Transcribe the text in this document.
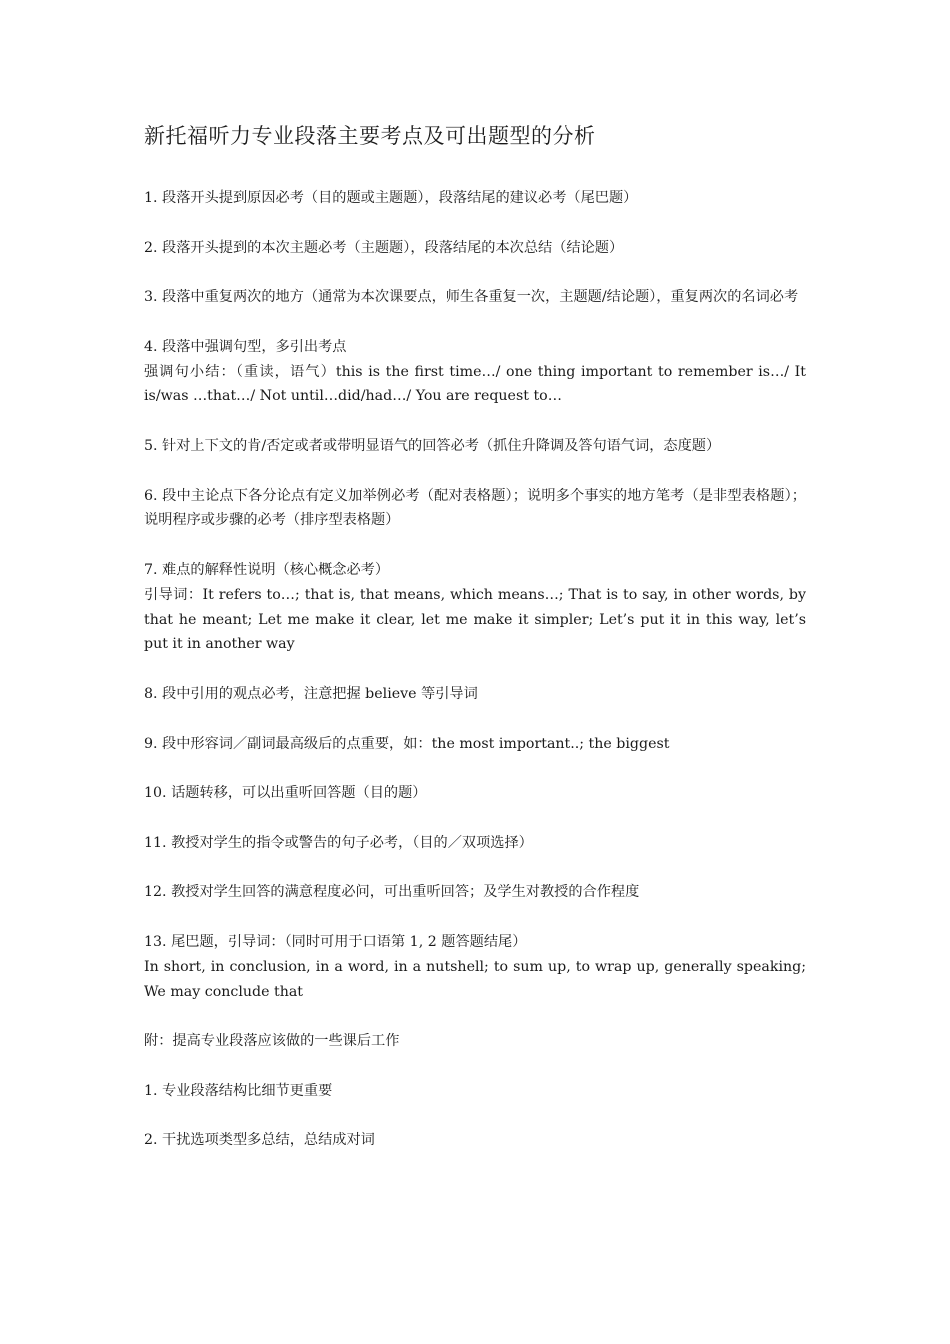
新托福听力专业段落主要考点及可出题型的分析

1. 段落开头提到原因必考（目的题或主题题），段落结尾的建议必考（尾巴题）

2. 段落开头提到的本次主题必考（主题题），段落结尾的本次总结（结论题）

3. 段落中重复两次的地方（通常为本次课要点，师生各重复一次，主题题/结论题），重复两次的名词必考

4. 段落中强调句型，多引出考点

强调句小结：（重读，语气）this is the first time…/ one thing important to remember is…/ It is/was …that…/ Not until…did/had…/ You are request to…

5. 针对上下文的肯/否定或者或带明显语气的回答必考（抓住升降调及答句语气词，态度题）

6. 段中主论点下各分论点有定义加举例必考（配对表格题）；说明多个事实的地方笔考（是非型表格题）；说明程序或步骤的必考（排序型表格题）

7. 难点的解释性说明（核心概念必考）

引导词：It refers to…; that is, that means, which means…; That is to say, in other words, by that he meant; Let me make it clear, let me make it simpler; Let’s put it in this way, let’s put it in another way

8. 段中引用的观点必考，注意把握 believe 等引导词

9. 段中形容词／副词最高级后的点重要，如：the most important..; the biggest

10. 话题转移，可以出重听回答题（目的题）

11. 教授对学生的指令或警告的句子必考，（目的／双项选择）

12. 教授对学生回答的满意程度必问，可出重听回答；及学生对教授的合作程度

13. 尾巴题，引导词：（同时可用于口语第 1, 2 题答题结尾）

In short, in conclusion, in a word, in a nutshell; to sum up, to wrap up, generally speaking; We may conclude that

附：提高专业段落应该做的一些课后工作

1. 专业段落结构比细节更重要

2. 干扰选项类型多总结，总结成对词
